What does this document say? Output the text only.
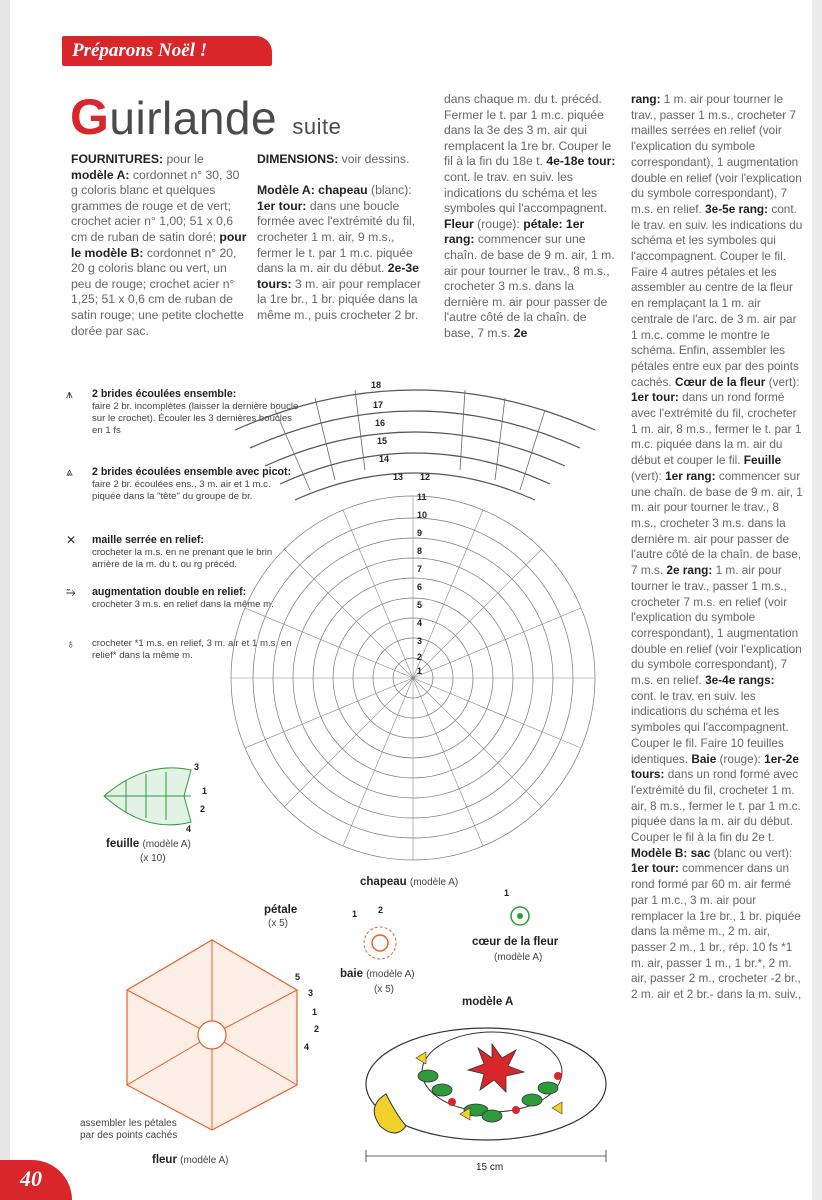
Préparons Noël !
Guirlande suite

FOURNITURES: pour le modèle A: cordonnet n° 30, 30 g coloris blanc et quelques grammes de rouge et de vert; crochet acier n° 1,00; 51 x 0,6 cm de ruban de satin doré; pour le modèle B: cordonnet n° 20, 20 g coloris blanc ou vert, un peu de rouge; crochet acier n° 1,25; 51 x 0,6 cm de ruban de satin rouge; une petite clochette dorée par sac.

DIMENSIONS: voir dessins.

Modèle A: chapeau (blanc): 1er tour: dans une boucle formée avec l'extrémité du fil, crocheter 1 m. air, 9 m.s., fermer le t. par 1 m.c. piquée dans la m. air du début. 2e-3e tours: 3 m. air pour remplacer la 1re br., 1 br. piquée dans la même m., puis crocheter 2 br.

dans chaque m. du t. précéd. Fermer le t. par 1 m.c. piquée dans la 3e des 3 m. air qui remplacent la 1re br. Couper le fil à la fin du 18e t. 4e-18e tour: cont. le trav. en suiv. les indications du schéma et les symboles qui l'accompagnent. Fleur (rouge): pétale: 1er rang: commencer sur une chaîn. de base de 9 m. air, 1 m. air pour tourner le trav., 8 m.s., crocheter 3 m.s. dans la dernière m. air pour passer de l'autre côté de la chaîn. de base, 7 m.s. 2e

rang: 1 m. air pour tourner le trav., passer 1 m.s., crocheter 7 mailles serrées en relief (voir l'explication du symbole correspondant), 1 augmentation double en relief (voir l'explication du symbole correspondant), 7 m.s. en relief. 3e-5e rang: cont. le trav. en suiv. les indications du schéma et les symboles qui l'accompagnent. Couper le fil. Faire 4 autres pétales et les assembler au centre de la fleur en remplaçant la 1 m. air centrale de l'arc. de 3 m. air par 1 m.c. comme le montre le schéma. Enfin, assembler les pétales entre eux par des points cachés. Cœur de la fleur (vert): 1er tour: dans un rond formé avec l'extrémité du fil, crocheter 1 m. air, 8 m.s., fermer le t. par 1 m.c. piquée dans la m. air du début et couper le fil. Feuille (vert): 1er rang: commencer sur une chaîn. de base de 9 m. air, 1 m. air pour tourner le trav., 8 m.s., crocheter 3 m.s. dans la dernière m. air pour passer de l'autre côté de la chaîn. de base, 7 m.s. 2e rang: 1 m. air pour tourner le trav., passer 1 m.s., crocheter 7 m.s. en relief (voir l'explication du symbole correspondant), 1 augmentation double en relief (voir l'explication du symbole correspondant), 7 m.s. en relief. 3e-4e rangs: cont. le trav. en suiv. les indications du schéma et les symboles qui l'accompagnent. Couper le fil. Faire 10 feuilles identiques. Baie (rouge): 1er-2e tours: dans un rond formé avec l'extrémité du fil, crocheter 1 m. air, 8 m.s., fermer le t. par 1 m.c. piquée dans la m. air du début. Couper le fil à la fin du 2e t. Modèle B: sac (blanc ou vert): 1er tour: commencer dans un rond formé par 60 m. air fermé par 1 m.c., 3 m. air pour remplacer la 1re br., 1 br. piquée dans la même m., 2 m. air, passer 2 m., 1 br., rép. 10 fs *1 m. air, passer 1 m., 1 br.*, 2 m. air, passer 2 m., crocheter -2 br., 2 m. air et 2 br.- dans la m. suiv.,

⩚ 2 brides écoulées ensemble:
faire 2 br. incomplètes (laisser la dernière boucle sur le crochet). Écouler les 3 dernières boucles en 1 fs
⩓ 2 brides écoulées ensemble avec picot:
faire 2 br. écoulées ens., 3 m. air et 1 m.c. piquée dans la "tête" du groupe de br.
✕ maille serrée en relief:
crocheter la m.s. en ne prenant que le brin arrière de la m. du t. ou rg précéd.
⥲ augmentation double en relief:
crocheter 3 m.s. en relief dans la même m.
♁ crocheter *1 m.s. en relief, 3 m. air et 1 m.s. en relief* dans la même m.
18
17
16
15
14
13 12
11
10
9
8
7
6
5
4
3
2
1
chapeau (modèle A)
3
1
2
4
feuille (modèle A)
(x 10)
1 2
baie (modèle A)
(x 5)
1
cœur de la fleur
(modèle A)
pétale
(x 5)
5
3
1
2
4
assembler les pétales par des points cachés
fleur (modèle A)
modèle A
15 cm
40
